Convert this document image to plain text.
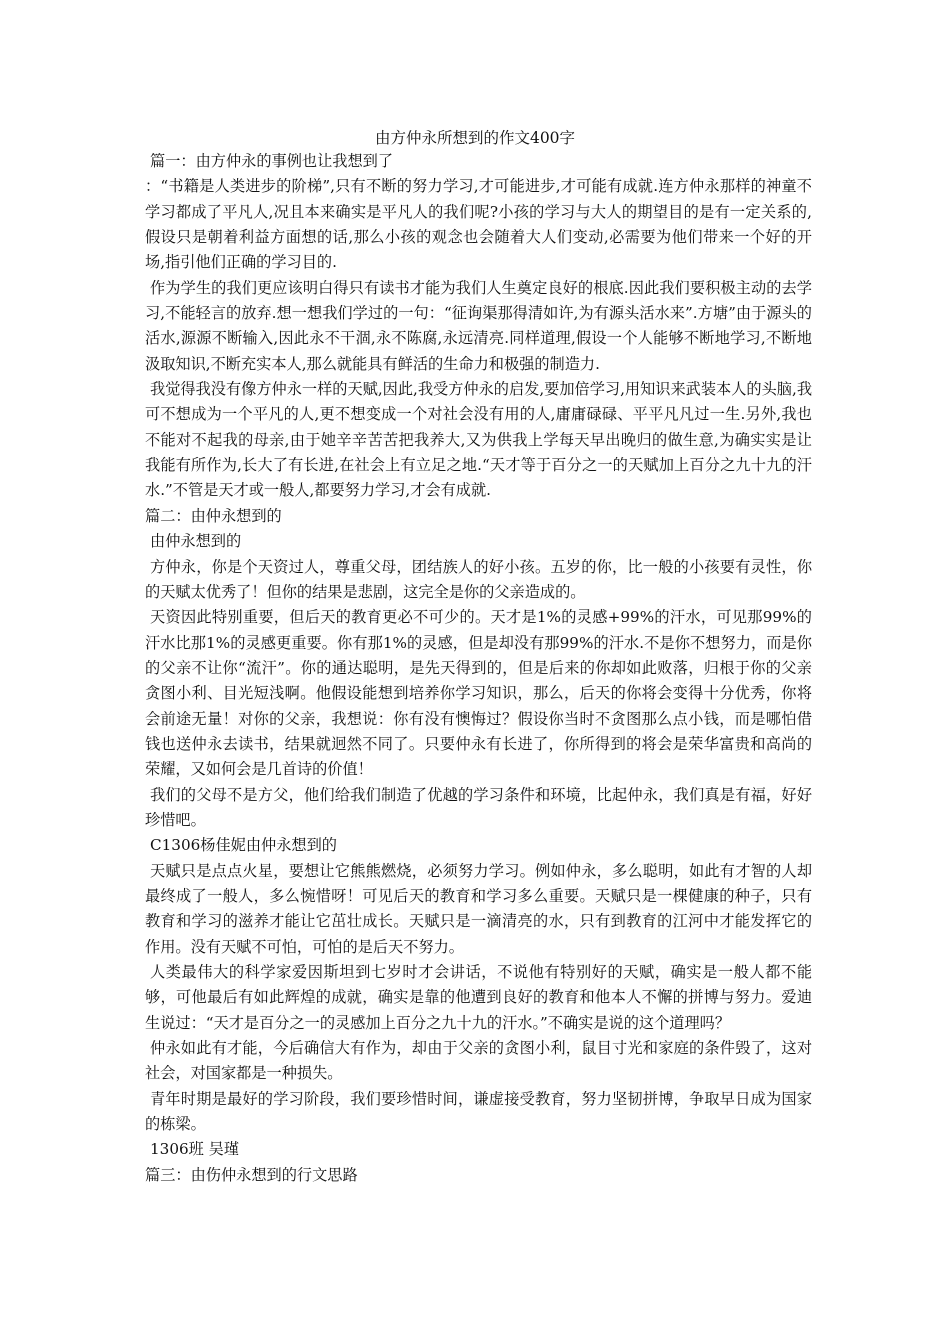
由方仲永所想到的作文400字

篇一：由方仲永的事例也让我想到了

：“书籍是人类进步的阶梯”,只有不断的努力学习,才可能进步,才可能有成就.连方仲永那样的神童不学习都成了平凡人,况且本来确实是平凡人的我们呢?小孩的学习与大人的期望目的是有一定关系的,假设只是朝着利益方面想的话,那么小孩的观念也会随着大人们变动,必需要为他们带来一个好的开场,指引他们正确的学习目的.

作为学生的我们更应该明白得只有读书才能为我们人生奠定良好的根底.因此我们要积极主动的去学习,不能轻言的放弃.想一想我们学过的一句：“征询渠那得清如许,为有源头活水来”.方塘”由于源头的活水,源源不断输入,因此永不干涸,永不陈腐,永远清亮.同样道理,假设一个人能够不断地学习,不断地汲取知识,不断充实本人,那么就能具有鲜活的生命力和极强的制造力.

我觉得我没有像方仲永一样的天赋,因此,我受方仲永的启发,要加倍学习,用知识来武装本人的头脑,我可不想成为一个平凡的人,更不想变成一个对社会没有用的人,庸庸碌碌、平平凡凡过一生.另外,我也不能对不起我的母亲,由于她辛辛苦苦把我养大,又为供我上学每天早出晚归的做生意,为确实实是让我能有所作为,长大了有长进,在社会上有立足之地.“天才等于百分之一的天赋加上百分之九十九的汗水.”不管是天才或一般人,都要努力学习,才会有成就.

篇二：由仲永想到的

由仲永想到的

方仲永，你是个天资过人，尊重父母，团结族人的好小孩。五岁的你，比一般的小孩要有灵性，你的天赋太优秀了！但你的结果是悲剧，这完全是你的父亲造成的。

天资因此特别重要，但后天的教育更必不可少的。天才是1%的灵感+99%的汗水，可见那99%的汗水比那1%的灵感更重要。你有那1%的灵感，但是却没有那99%的汗水.不是你不想努力，而是你的父亲不让你“流汗”。你的通达聪明，是先天得到的，但是后来的你却如此败落，归根于你的父亲贪图小利、目光短浅啊。他假设能想到培养你学习知识，那么，后天的你将会变得十分优秀，你将会前途无量！对你的父亲，我想说：你有没有懊悔过？假设你当时不贪图那么点小钱，而是哪怕借钱也送仲永去读书，结果就迥然不同了。只要仲永有长进了，你所得到的将会是荣华富贵和高尚的荣耀，又如何会是几首诗的价值！

我们的父母不是方父，他们给我们制造了优越的学习条件和环境，比起仲永，我们真是有福，好好珍惜吧。

C1306杨佳妮由仲永想到的

天赋只是点点火星，要想让它熊熊燃烧，必须努力学习。例如仲永，多么聪明，如此有才智的人却最终成了一般人，多么惋惜呀！可见后天的教育和学习多么重要。天赋只是一棵健康的种子，只有教育和学习的滋养才能让它茁壮成长。天赋只是一滴清亮的水，只有到教育的江河中才能发挥它的作用。没有天赋不可怕，可怕的是后天不努力。

人类最伟大的科学家爱因斯坦到七岁时才会讲话，不说他有特别好的天赋，确实是一般人都不能够，可他最后有如此辉煌的成就，确实是靠的他遭到良好的教育和他本人不懈的拼博与努力。爱迪生说过：“天才是百分之一的灵感加上百分之九十九的汗水。”不确实是说的这个道理吗？

仲永如此有才能，今后确信大有作为，却由于父亲的贪图小利，鼠目寸光和家庭的条件毁了，这对社会，对国家都是一种损失。

青年时期是最好的学习阶段，我们要珍惜时间，谦虚接受教育，努力坚韧拼博，争取早日成为国家的栋梁。

1306班 吴瑾

篇三：由伤仲永想到的行文思路
